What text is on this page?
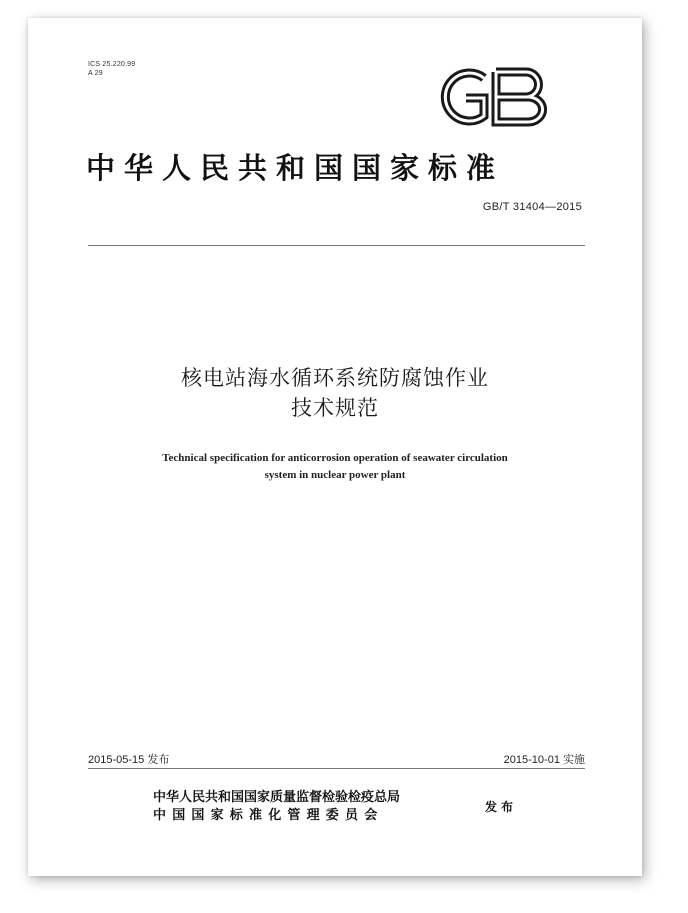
ICS 25.220.99
A 29
中华人民共和国国家标准
GB/T 31404—2015
核电站海水循环系统防腐蚀作业
技术规范
Technical specification for anticorrosion operation of seawater circulation
system in nuclear power plant
2015-05-15 发布	2015-10-01 实施
中华人民共和国国家质量监督检验检疫总局
中国国家标准化管理委员会
发布
